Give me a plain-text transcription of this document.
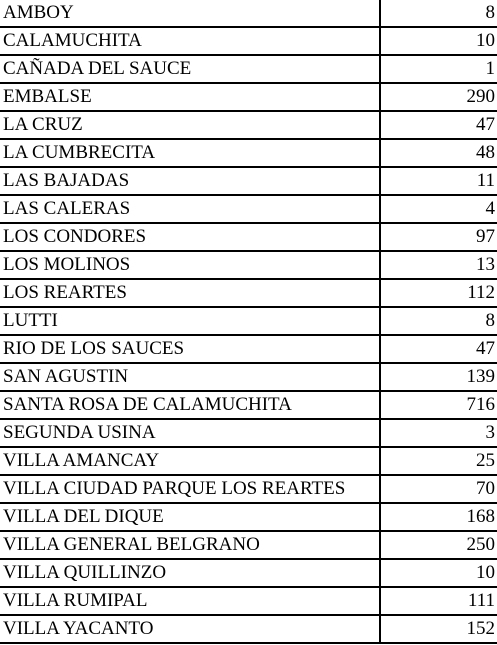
AMBOY	8
CALAMUCHITA	10
CAÑADA DEL SAUCE	1
EMBALSE	290
LA CRUZ	47
LA CUMBRECITA	48
LAS BAJADAS	11
LAS CALERAS	4
LOS CONDORES	97
LOS MOLINOS	13
LOS REARTES	112
LUTTI	8
RIO DE LOS SAUCES	47
SAN AGUSTIN	139
SANTA ROSA DE CALAMUCHITA	716
SEGUNDA USINA	3
VILLA AMANCAY	25
VILLA CIUDAD PARQUE LOS REARTES	70
VILLA DEL DIQUE	168
VILLA GENERAL BELGRANO	250
VILLA QUILLINZO	10
VILLA RUMIPAL	111
VILLA YACANTO	152
